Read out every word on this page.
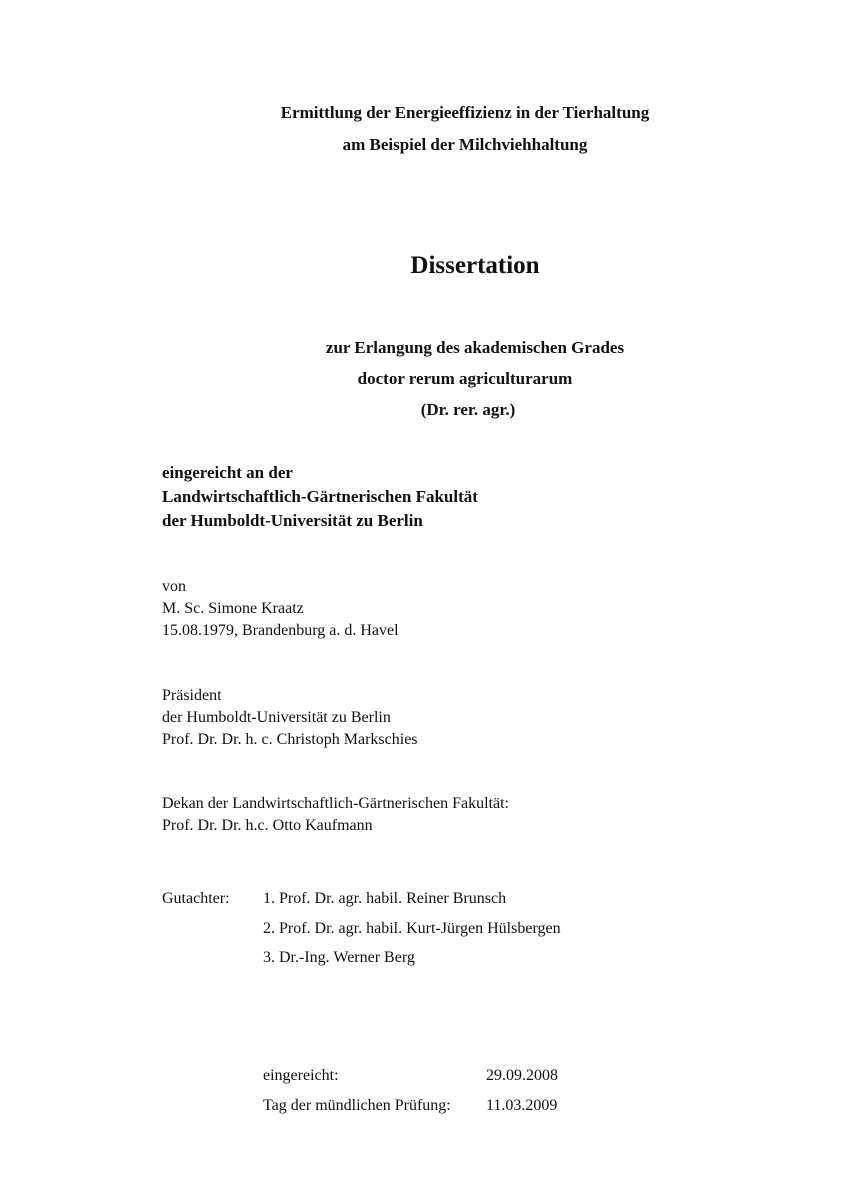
Ermittlung der Energieeffizienz in der Tierhaltung
am Beispiel der Milchviehhaltung
Dissertation
zur Erlangung des akademischen Grades
doctor rerum agriculturarum
(Dr. rer. agr.)
eingereicht an der
Landwirtschaftlich-Gärtnerischen Fakultät
der Humboldt-Universität zu Berlin
von
M. Sc. Simone Kraatz
15.08.1979, Brandenburg a. d. Havel
Präsident
der Humboldt-Universität zu Berlin
Prof. Dr. Dr. h. c. Christoph Markschies
Dekan der Landwirtschaftlich-Gärtnerischen Fakultät:
Prof. Dr. Dr. h.c. Otto Kaufmann
Gutachter: 1. Prof. Dr. agr. habil. Reiner Brunsch
2. Prof. Dr. agr. habil. Kurt-Jürgen Hülsbergen
3. Dr.-Ing. Werner Berg
eingereicht:	29.09.2008
Tag der mündlichen Prüfung: 11.03.2009
